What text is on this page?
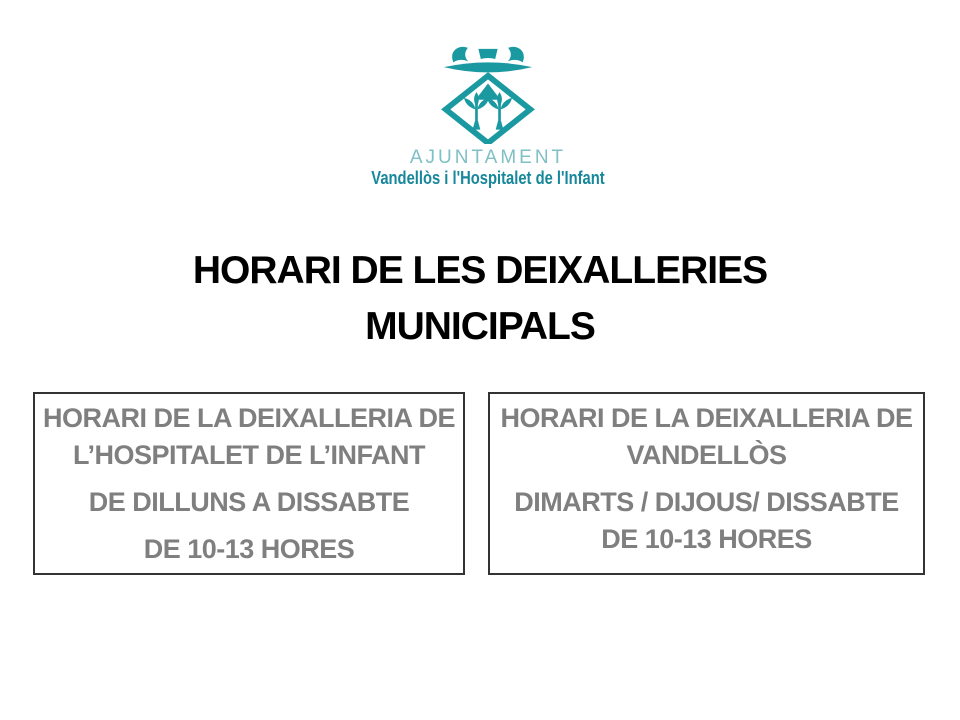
AJUNTAMENT
Vandellòs i l'Hospitalet de l'Infant
HORARI DE LES DEIXALLERIES MUNICIPALS

HORARI DE LA DEIXALLERIA DE
L’HOSPITALET DE L’INFANT

DE DILLUNS A DISSABTE

DE 10-13 HORES

HORARI DE LA DEIXALLERIA DE
VANDELLÒS

DIMARTS / DIJOUS/ DISSABTE
DE 10-13 HORES
